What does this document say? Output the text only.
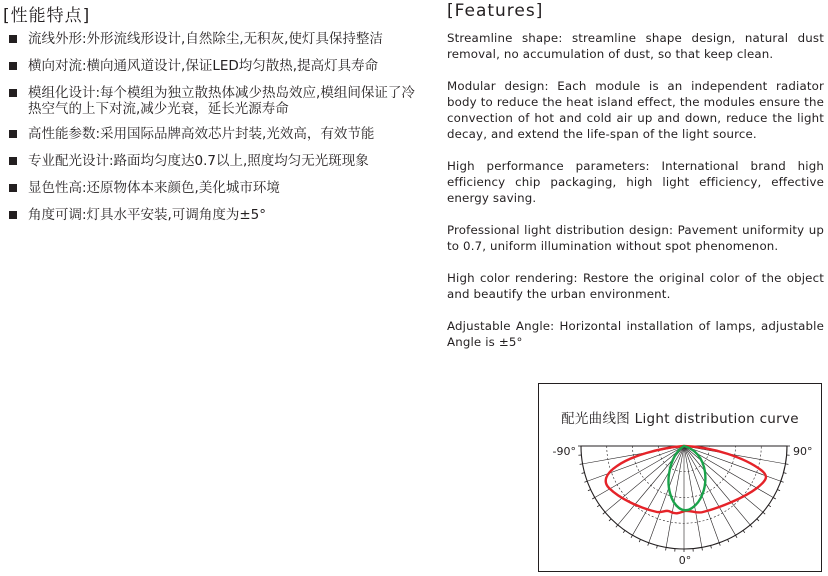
[性能特点]	[Features]
流线外形:外形流线形设计,自然除尘,无积灰,使灯具保持整洁
横向对流:横向通风道设计,保证LED均匀散热,提高灯具寿命
模组化设计:每个模组为独立散热体减少热岛效应,模组间保证了冷热空气的上下对流,减少光衰，延长光源寿命
高性能参数:采用国际品牌高效芯片封装,光效高，有效节能
专业配光设计:路面均匀度达0.7以上,照度均匀无光斑现象
显色性高:还原物体本来颜色,美化城市环境
角度可调:灯具水平安装,可调角度为±5°

Streamline shape: streamline shape design, natural dust removal, no accumulation of dust, so that keep clean.

Modular design: Each module is an independent radiator body to reduce the heat island effect, the modules ensure the convection of hot and cold air up and down, reduce the light decay, and extend the life-span of the light source.

High performance parameters: International brand high efficiency chip packaging, high light efficiency, effective energy saving.

Professional light distribution design: Pavement uniformity up to 0.7, uniform illumination without spot phenomenon.

High color rendering: Restore the original color of the object and beautify the urban environment.

Adjustable Angle: Horizontal installation of lamps, adjustable Angle is ±5°

配光曲线图 Light distribution curve
-90°	90°
0°
